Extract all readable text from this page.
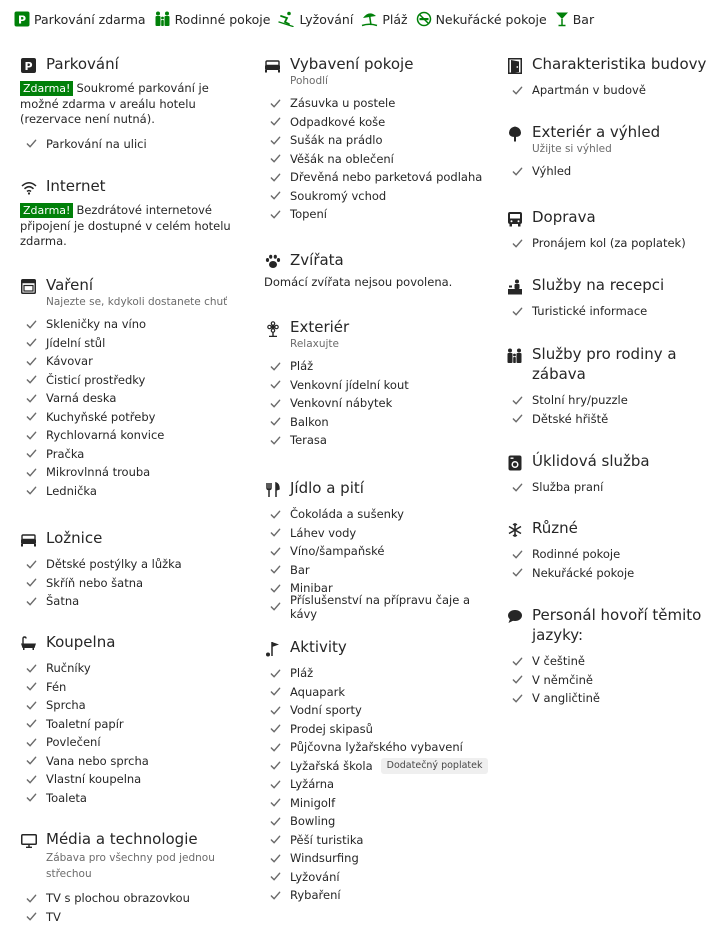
P Parkování zdarma Rodinné pokoje Lyžování Pláž Nekuřácké pokoje Bar
P Parkování

Zdarma! Soukromé parkování je možné zdarma v areálu hotelu (rezervace není nutná).

Parkování na ulici
Internet

Zdarma! Bezdrátové internetové připojení je dostupné v celém hotelu zdarma.

Vaření
Najezte se, kdykoli dostanete chuť
Skleničky na víno
Jídelní stůl
Kávovar
Čisticí prostředky
Varná deska
Kuchyňské potřeby
Rychlovarná konvice
Pračka
Mikrovlnná trouba
Lednička
Ložnice
Dětské postýlky a lůžka
Skříň nebo šatna
Šatna
Koupelna
Ručníky
Fén
Sprcha
Toaletní papír
Povlečení
Vana nebo sprcha
Vlastní koupelna
Toaleta
Média a technologie
Zábava pro všechny pod jednou střechou
TV s plochou obrazovkou
TV
Vybavení pokoje
Pohodlí
Zásuvka u postele
Odpadkové koše
Sušák na prádlo
Věšák na oblečení
Dřevěná nebo parketová podlaha
Soukromý vchod
Topení
Zvířata

Domácí zvířata nejsou povolena.

Exteriér
Relaxujte
Pláž
Venkovní jídelní kout
Venkovní nábytek
Balkon
Terasa
Jídlo a pití
Čokoláda a sušenky
Láhev vody
Víno/šampaňské
Bar
Minibar
Příslušenství na přípravu čaje a kávy
Aktivity
Pláž
Aquapark
Vodní sporty
Prodej skipasů
Půjčovna lyžařského vybavení
Lyžařská škola	Dodatečný poplatek
Lyžárna
Minigolf
Bowling
Pěší turistika
Windsurfing
Lyžování
Rybaření
Charakteristika budovy
Apartmán v budově
Exteriér a výhled
Užijte si výhled
Výhled
Doprava
Pronájem kol (za poplatek)
Služby na recepci
Turistické informace
Služby pro rodiny a zábava
Stolní hry/puzzle
Dětské hřiště
Úklidová služba
Služba praní
Různé
Rodinné pokoje
Nekuřácké pokoje
Personál hovoří těmito jazyky:
V češtině
V němčině
V angličtině
